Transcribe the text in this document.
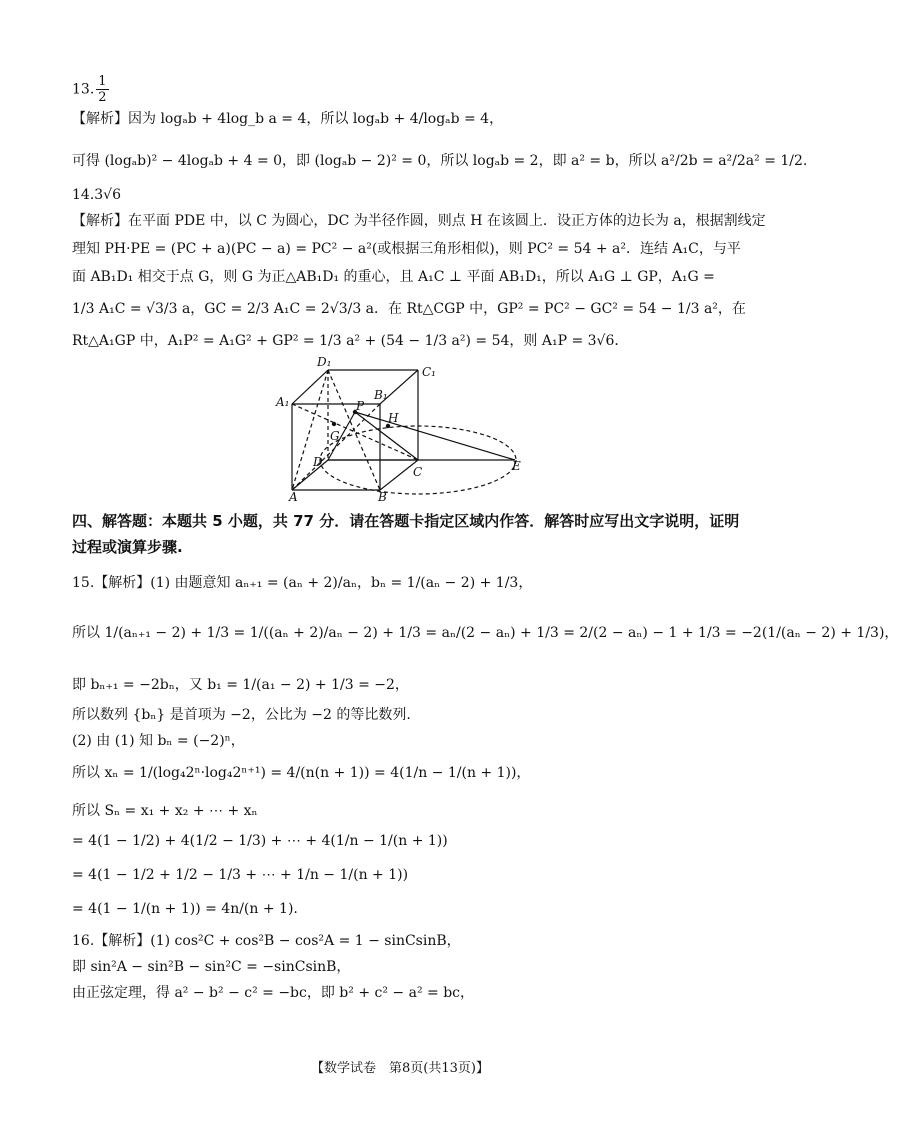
13. $\frac{1}{2}$
【解析】因为 logₐb + 4log_b a = 4，所以 logₐb + 4/logₐb = 4，
可得 (logₐb)² − 4logₐb + 4 = 0，即 (logₐb − 2)² = 0，所以 logₐb = 2，即 a² = b，所以 a²/2b = a²/2a² = 1/2.
14.3√6
【解析】在平面 PDE 中，以 C 为圆心，DC 为半径作圆，则点 H 在该圆上．设正方体的边长为 a，根据割线定
理知 PH·PE = (PC + a)(PC − a) = PC² − a²(或根据三角形相似)，则 PC² = 54 + a²．连结 A₁C，与平
面 AB₁D₁ 相交于点 G，则 G 为正△AB₁D₁ 的重心，且 A₁C ⊥ 平面 AB₁D₁，所以 A₁G ⊥ GP，A₁G =
1/3 A₁C = √3/3 a，GC = 2/3 A₁C = 2√3/3 a．在 Rt△CGP 中，GP² = PC² − GC² = 54 − 1/3 a²，在
Rt△A₁GP 中，A₁P² = A₁G² + GP² = 1/3 a² + (54 − 1/3 a²) = 54，则 A₁P = 3√6．
D₁
C₁
A₁	B₁
P
H
G
D
C	E
A	B
四、解答题：本题共 5 小题，共 77 分．请在答题卡指定区域内作答．解答时应写出文字说明，证明
过程或演算步骤.
15.【解析】(1) 由题意知 aₙ₊₁ = (aₙ + 2)/aₙ，bₙ = 1/(aₙ − 2) + 1/3，
所以 1/(aₙ₊₁ − 2) + 1/3 = 1/((aₙ + 2)/aₙ − 2) + 1/3 = aₙ/(2 − aₙ) + 1/3 = 2/(2 − aₙ) − 1 + 1/3 = −2(1/(aₙ − 2) + 1/3)，
即 bₙ₊₁ = −2bₙ，又 b₁ = 1/(a₁ − 2) + 1/3 = −2，
所以数列 {bₙ} 是首项为 −2，公比为 −2 的等比数列.
(2) 由 (1) 知 bₙ = (−2)ⁿ，
所以 xₙ = 1/(log₄2ⁿ·log₄2ⁿ⁺¹) = 4/(n(n + 1)) = 4(1/n − 1/(n + 1))，
所以 Sₙ = x₁ + x₂ + ⋯ + xₙ
= 4(1 − 1/2) + 4(1/2 − 1/3) + ⋯ + 4(1/n − 1/(n + 1))
= 4(1 − 1/2 + 1/2 − 1/3 + ⋯ + 1/n − 1/(n + 1))
= 4(1 − 1/(n + 1)) = 4n/(n + 1).
16.【解析】(1) cos²C + cos²B − cos²A = 1 − sinCsinB，
即 sin²A − sin²B − sin²C = −sinCsinB，
由正弦定理，得 a² − b² − c² = −bc，即 b² + c² − a² = bc，
【数学试卷　第8页(共13页)】
